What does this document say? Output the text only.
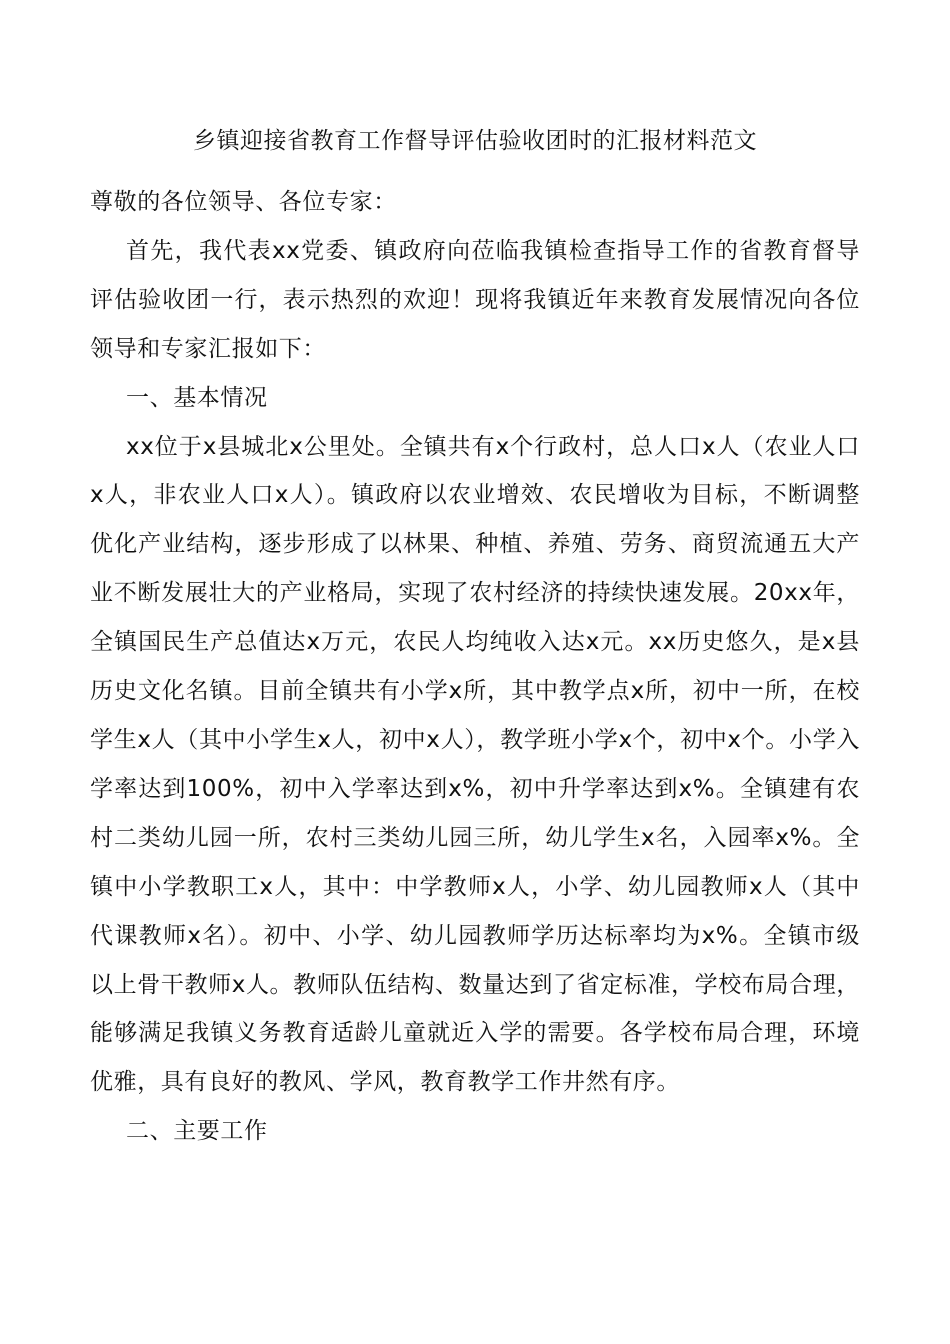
乡镇迎接省教育工作督导评估验收团时的汇报材料范文

尊敬的各位领导、各位专家：

首先，我代表xx党委、镇政府向莅临我镇检查指导工作的省教育督导评估验收团一行，表示热烈的欢迎！现将我镇近年来教育发展情况向各位领导和专家汇报如下：

一、基本情况

xx位于x县城北x公里处。全镇共有x个行政村，总人口x人（农业人口x人，非农业人口x人）。镇政府以农业增效、农民增收为目标，不断调整优化产业结构，逐步形成了以林果、种植、养殖、劳务、商贸流通五大产业不断发展壮大的产业格局，实现了农村经济的持续快速发展。20xx年，全镇国民生产总值达x万元，农民人均纯收入达x元。xx历史悠久，是x县历史文化名镇。目前全镇共有小学x所，其中教学点x所，初中一所，在校学生x人（其中小学生x人，初中x人），教学班小学x个，初中x个。小学入学率达到100%，初中入学率达到x%，初中升学率达到x%。全镇建有农村二类幼儿园一所，农村三类幼儿园三所，幼儿学生x名，入园率x%。全镇中小学教职工x人，其中：中学教师x人，小学、幼儿园教师x人（其中代课教师x名）。初中、小学、幼儿园教师学历达标率均为x%。全镇市级以上骨干教师x人。教师队伍结构、数量达到了省定标准，学校布局合理，能够满足我镇义务教育适龄儿童就近入学的需要。各学校布局合理，环境优雅，具有良好的教风、学风，教育教学工作井然有序。

二、主要工作
